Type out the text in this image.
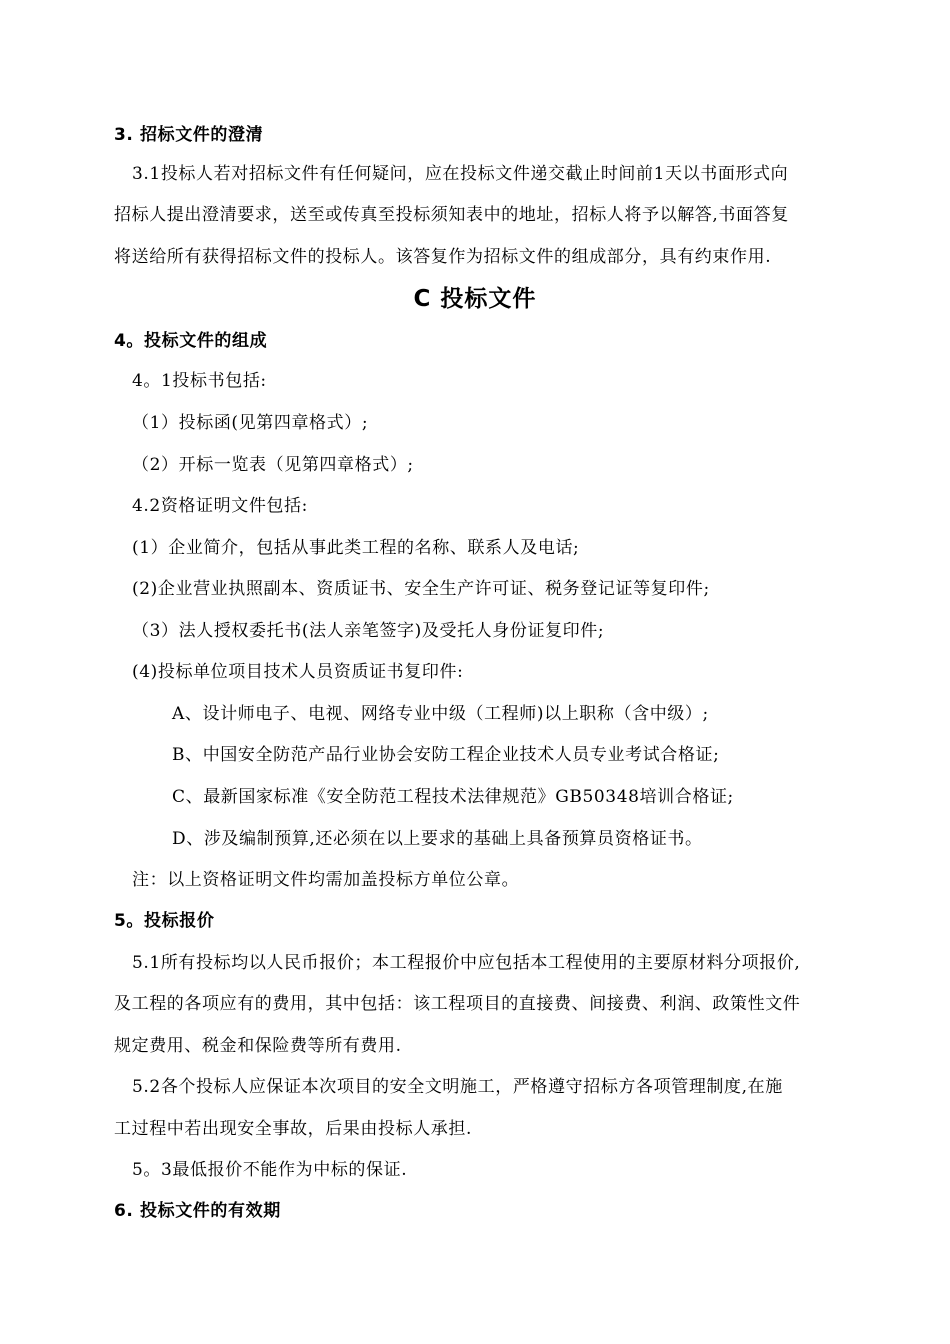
3. 招标文件的澄清
3.1投标人若对招标文件有任何疑问，应在投标文件递交截止时间前1天以书面形式向
招标人提出澄清要求，送至或传真至投标须知表中的地址，招标人将予以解答,书面答复
将送给所有获得招标文件的投标人。该答复作为招标文件的组成部分，具有约束作用.
C 投标文件
4。投标文件的组成
4。1投标书包括:
（1）投标函(见第四章格式）;
（2）开标一览表（见第四章格式）;
4.2资格证明文件包括:
(1）企业简介，包括从事此类工程的名称、联系人及电话;
(2)企业营业执照副本、资质证书、安全生产许可证、税务登记证等复印件;
（3）法人授权委托书(法人亲笔签字)及受托人身份证复印件;
(4)投标单位项目技术人员资质证书复印件:
A、设计师电子、电视、网络专业中级（工程师)以上职称（含中级）;
B、中国安全防范产品行业协会安防工程企业技术人员专业考试合格证;
C、最新国家标准《安全防范工程技术法律规范》GB50348培训合格证;
D、涉及编制预算,还必须在以上要求的基础上具备预算员资格证书。
注：以上资格证明文件均需加盖投标方单位公章。
5。投标报价
5.1所有投标均以人民币报价；本工程报价中应包括本工程使用的主要原材料分项报价,
及工程的各项应有的费用，其中包括：该工程项目的直接费、间接费、利润、政策性文件
规定费用、税金和保险费等所有费用.
5.2各个投标人应保证本次项目的安全文明施工，严格遵守招标方各项管理制度,在施
工过程中若出现安全事故，后果由投标人承担.
5。3最低报价不能作为中标的保证.
6. 投标文件的有效期
